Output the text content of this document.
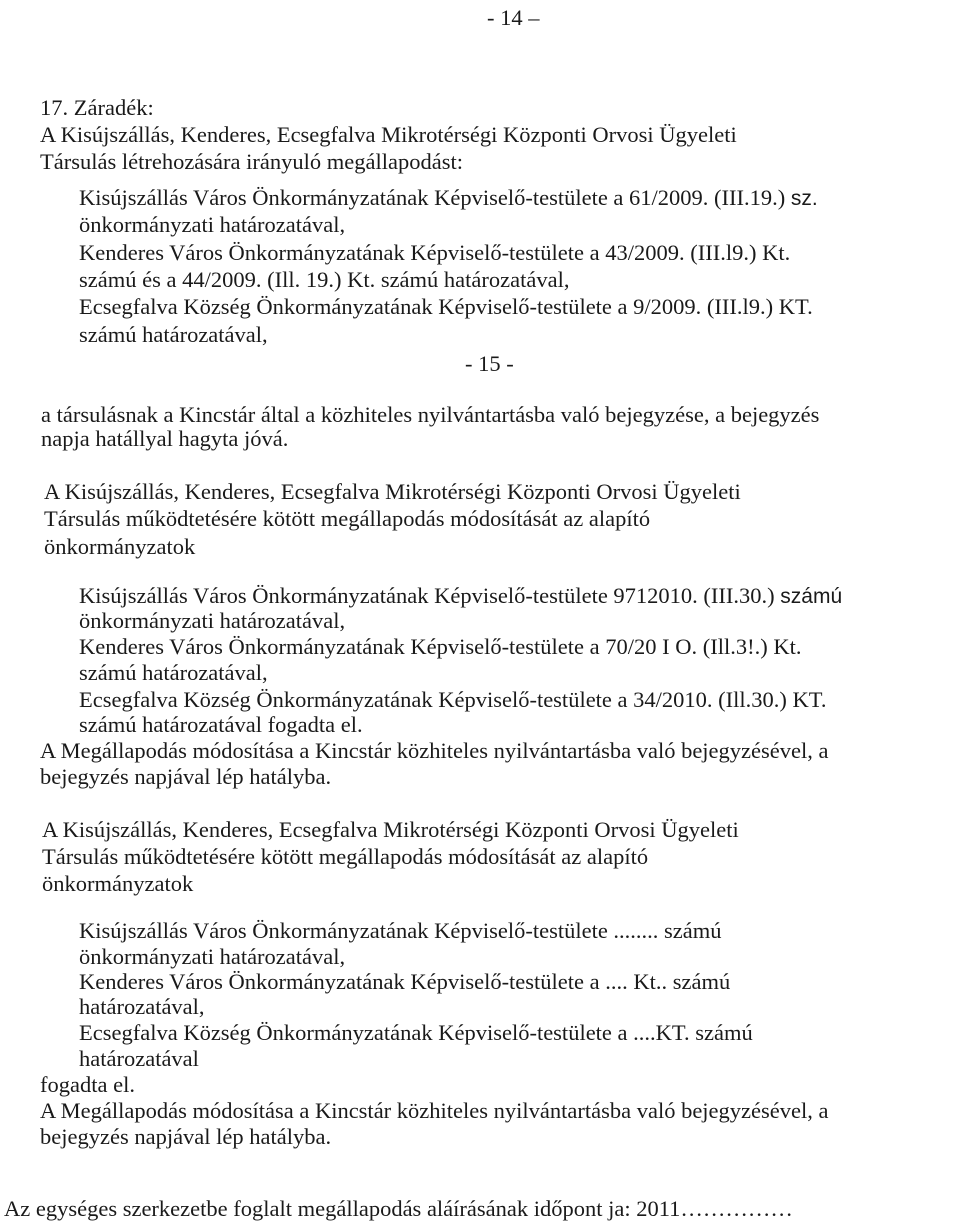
- 14 –
17. Záradék:
A Kisújszállás, Kenderes, Ecsegfalva Mikrotérségi Központi Orvosi Ügyeleti
Társulás létrehozására irányuló megállapodást:
Kisújszállás Város Önkormányzatának Képviselő-testülete a 61/2009. (III.19.) sz.
önkormányzati határozatával,
Kenderes Város Önkormányzatának Képviselő-testülete a 43/2009. (III.l9.) Kt.
számú és a 44/2009. (Ill. 19.) Kt. számú határozatával,
Ecsegfalva Község Önkormányzatának Képviselő-testülete a 9/2009. (III.l9.) KT.
számú határozatával,
- 15 -
a társulásnak a Kincstár által a közhiteles nyilvántartásba való bejegyzése, a bejegyzés
napja hatállyal hagyta jóvá.
A Kisújszállás, Kenderes, Ecsegfalva Mikrotérségi Központi Orvosi Ügyeleti
Társulás működtetésére kötött megállapodás módosítását az alapító
önkormányzatok
Kisújszállás Város Önkormányzatának Képviselő-testülete 9712010. (III.30.) számú
önkormányzati határozatával,
Kenderes Város Önkormányzatának Képviselő-testülete a 70/20 I O. (Ill.3!.) Kt.
számú határozatával,
Ecsegfalva Község Önkormányzatának Képviselő-testülete a 34/2010. (Ill.30.) KT.
számú határozatával fogadta el.
A Megállapodás módosítása a Kincstár közhiteles nyilvántartásba való bejegyzésével, a
bejegyzés napjával lép hatályba.
A Kisújszállás, Kenderes, Ecsegfalva Mikrotérségi Központi Orvosi Ügyeleti
Társulás működtetésére kötött megállapodás módosítását az alapító
önkormányzatok
Kisújszállás Város Önkormányzatának Képviselő-testülete ........ számú
önkormányzati határozatával,
Kenderes Város Önkormányzatának Képviselő-testülete a .... Kt.. számú
határozatával,
Ecsegfalva Község Önkormányzatának Képviselő-testülete a ....KT. számú
határozatával
fogadta el.
A Megállapodás módosítása a Kincstár közhiteles nyilvántartásba való bejegyzésével, a
bejegyzés napjával lép hatályba.
Az egységes szerkezetbe foglalt megállapodás aláírásának időpont ja: 2011……………
